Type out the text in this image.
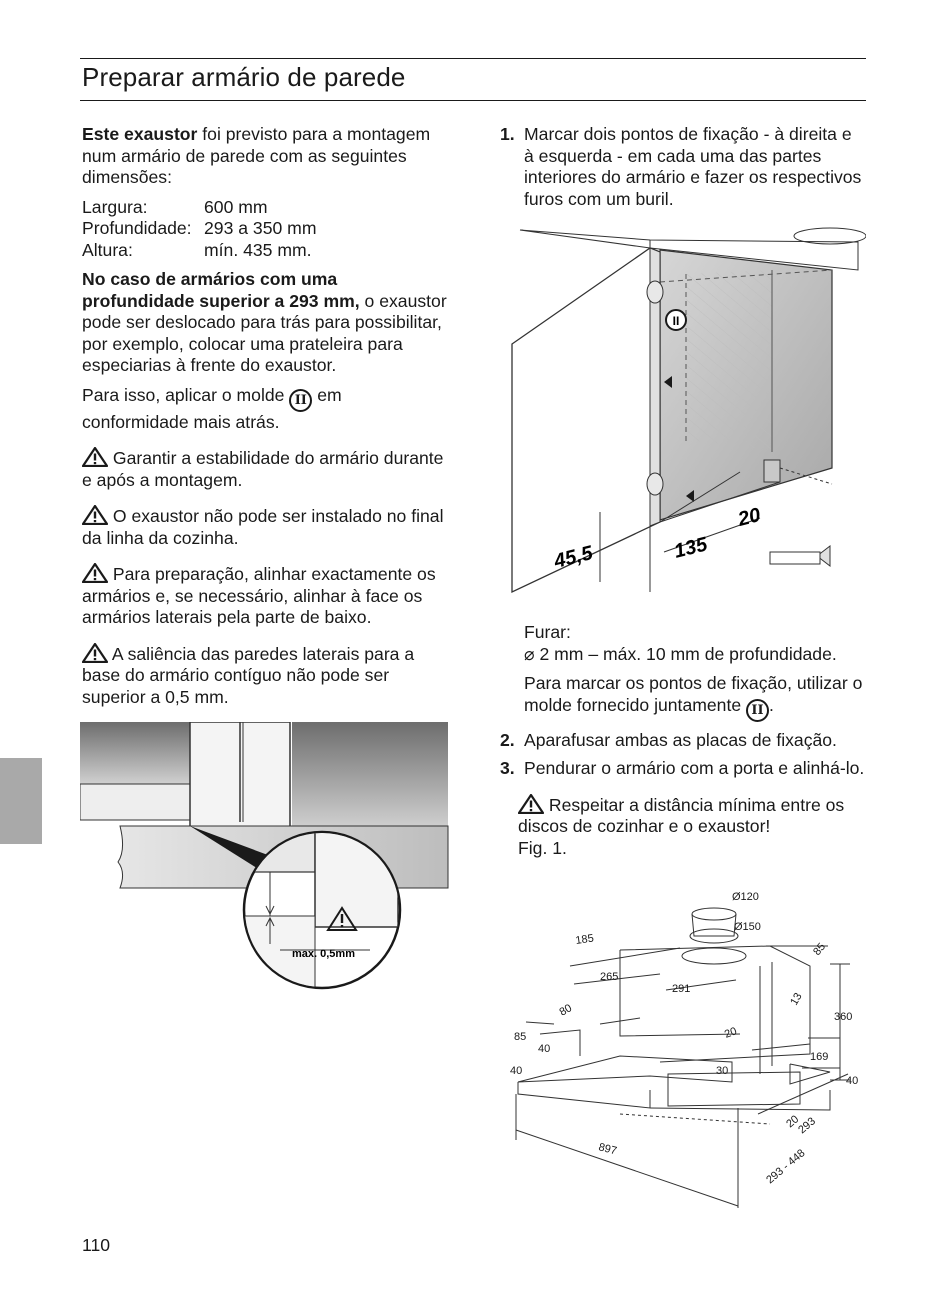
Preparar armário de parede

Este exaustor foi previsto para a montagem num armário de parede com as seguintes dimensões:

Largura:	600 mm
Profundidade: 293 a 350 mm
Altura:	mín. 435 mm.

No caso de armários com uma profundidade superior a 293 mm, o exaustor pode ser deslocado para trás para possibilitar, por exemplo, colocar uma prateleira para especiarias à frente do exaustor.

Para isso, aplicar o molde II em conformidade mais atrás.

Garantir a estabilidade do armário durante e após a montagem.

O exaustor não pode ser instalado no final da linha da cozinha.

Para preparação, alinhar exactamente os armários e, se necessário, alinhar à face os armários laterais pela parte de baixo.

A saliência das paredes laterais para a base do armário contíguo não pode ser superior a 0,5 mm.

max. 0,5mm
1. Marcar dois pontos de fixação - à direita e à esquerda - em cada uma das partes interiores do armário e fazer os respectivos furos com um buril.
II
45,5	135
20

Furar:
⌀ 2 mm – máx. 10 mm de profundidade.

Para marcar os pontos de fixação, utilizar o molde fornecido juntamente II .

2. Aparafusar ambas as placas de fixação.
3. Pendurar o armário com a porta e alinhá-lo.

Respeitar a distância mínima entre os discos de cozinhar e o exaustor!
Fig. 1.

Ø120
Ø150
185
85
265
291
13
360
80
20
85
40
169
30
40
40
20
293
897	293 - 448
110
